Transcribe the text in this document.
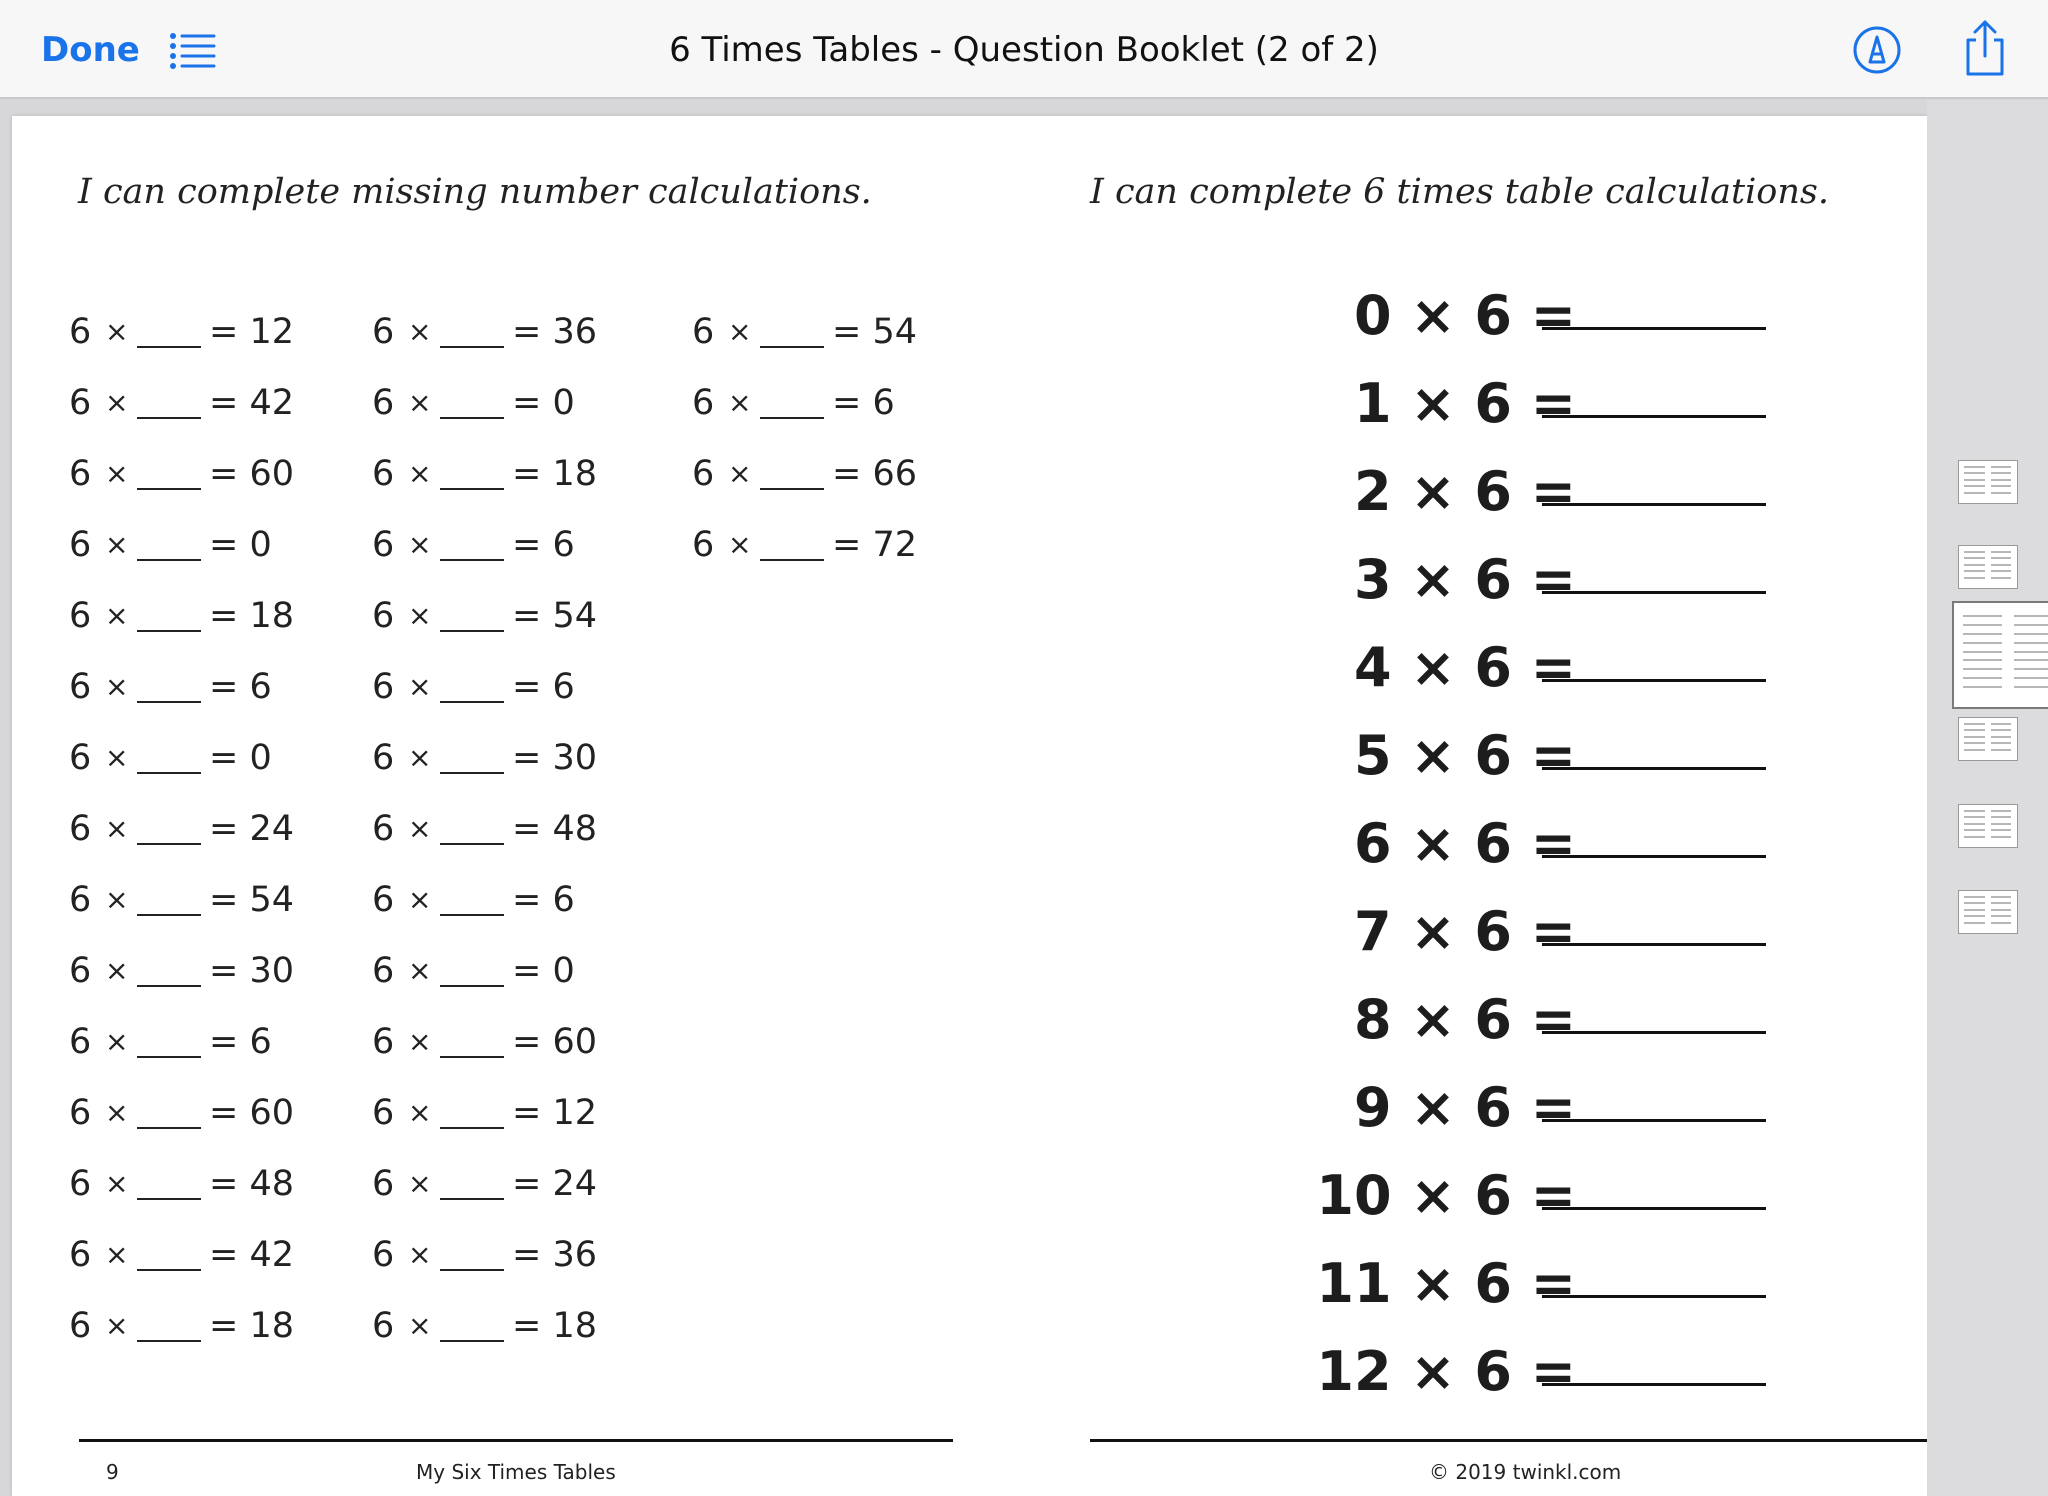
Done	6 Times Tables - Question Booklet (2 of 2)
I can complete missing number calculations.	I can complete 6 times table calculations.
6 × = 12
6 × = 42
6 × = 60
6 × = 0
6 × = 18
6 × = 6
6 × = 0
6 × = 24
6 × = 54
6 × = 30
6 × = 6
6 × = 60
6 × = 48
6 × = 42
6 × = 18
6 × = 36
6 × = 0
6 × = 18
6 × = 6
6 × = 54
6 × = 6
6 × = 30
6 × = 48
6 × = 6
6 × = 0
6 × = 60
6 × = 12
6 × = 24
6 × = 36
6 × = 18
6 × = 54
6 × = 6
6 × = 66
6 × = 72
0 × 6 =
1 × 6 =
2 × 6 =
3 × 6 =
4 × 6 =
5 × 6 =
6 × 6 =
7 × 6 =
8 × 6 =
9 × 6 =
10 × 6 =
11 × 6 =
12 × 6 =
9	My Six Times Tables	© 2019 twinkl.com
